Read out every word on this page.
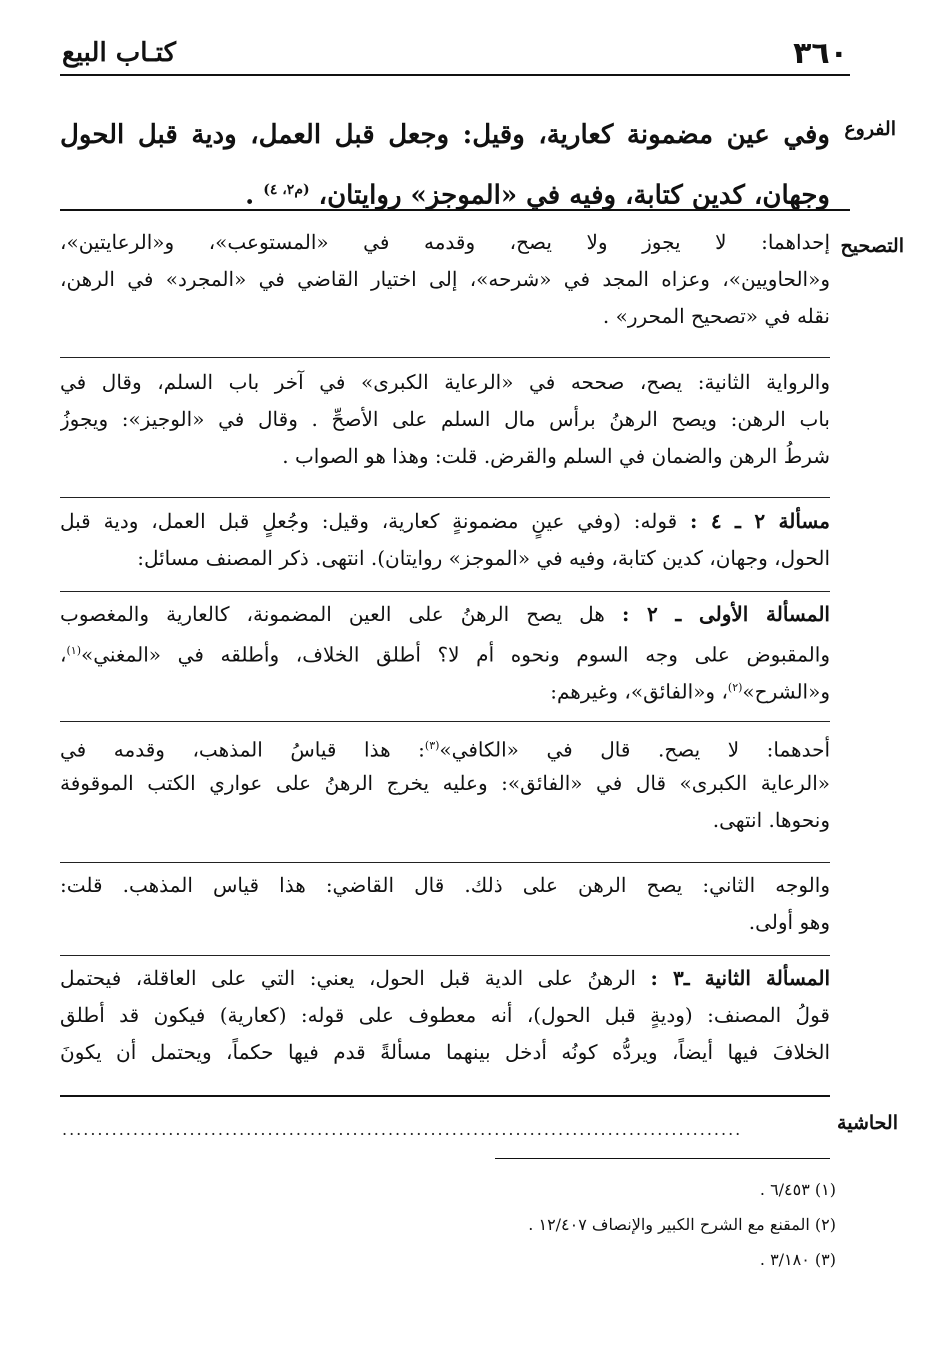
٣٦٠
كتـاب البيع
الفروع
التصحيح
الحاشية
وفي عين مضمونة كعارية، وقيل: وجعل قبل العمل، ودية قبل الحول
وجهان، كدين كتابة، وفيه في «الموجز» روايتان، $^{(م٢، ٤)}$ .
إحداهما: لا يجوز ولا يصح، وقدمه في «المستوعب»، و«الرعايتين»،
و«الحاويين»، وعزاه المجد في «شرحه»، إلى اختيار القاضي في «المجرد» في الرهن،
نقله في «تصحيح المحرر» .
والرواية الثانية: يصح، صححه في «الرعاية الكبرى» في آخر باب السلم، وقال في
باب الرهن: ويصح الرهنُ برأس مال السلم على الأصحِّ . وقال في «الوجيز»: ويجوزُ
شرطُ الرهن والضمان في السلم والقرض. قلت: وهذا هو الصواب .
مسألة ٢ ـ ٤ : قوله: (وفي عينٍ مضمونةٍ كعارية، وقيل: وجُعلٍ قبل العمل، ودية قبل
الحول، وجهان، كدين كتابة، وفيه في «الموجز» روايتان). انتهى. ذكر المصنف مسائل:
المسألة الأولى ـ ٢ : هل يصح الرهنُ على العين المضمونة، كالعارية والمغصوب
والمقبوض على وجه السوم ونحوه أم لا؟ أطلق الخلاف، وأطلقه في «المغني»$^{(١)}$،
و«الشرح»$^{(٢)}$، و«الفائق»، وغيرهم:
أحدهما: لا يصح. قال في «الكافي»$^{(٣)}$: هذا قياسُ المذهب، وقدمه في
«الرعاية الكبرى» قال في «الفائق»: وعليه يخرج الرهنُ على عواري الكتب الموقوفة
ونحوها. انتهى.
والوجه الثاني: يصح الرهن على ذلك. قال القاضي: هذا قياس المذهب. قلت:
وهو أولى.
المسألة الثانية ـ٣ : الرهنُ على الدية قبل الحول، يعني: التي على العاقلة، فيحتمل
قولُ المصنف: (وديةٍ قبل الحول)، أنه معطوف على قوله: (كعارية) فيكون قد أطلق
الخلافَ فيها أيضاً، ويردُّه كونُه أدخل بينهما مسألةً قدم فيها حكماً، ويحتمل أن يكونَ
................................................................................................
(١) ٦/٤٥٣ .
(٢) المقنع مع الشرح الكبير والإنصاف ١٢/٤٠٧ .
(٣) ٣/١٨٠ .
